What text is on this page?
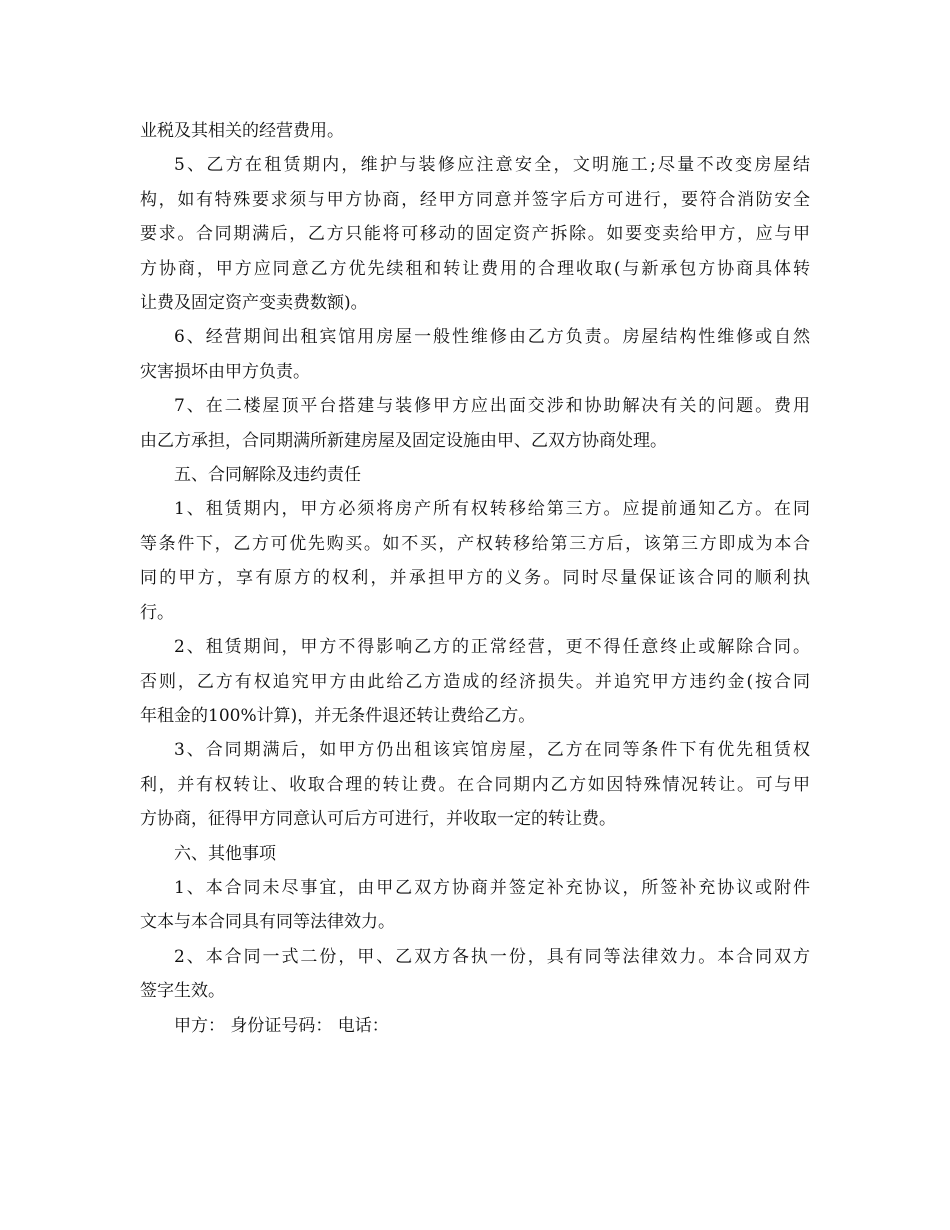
业税及其相关的经营费用。

5、乙方在租赁期内，维护与装修应注意安全，文明施工;尽量不改变房屋结

构，如有特殊要求须与甲方协商，经甲方同意并签字后方可进行，要符合消防安全

要求。合同期满后，乙方只能将可移动的固定资产拆除。如要变卖给甲方，应与甲

方协商，甲方应同意乙方优先续租和转让费用的合理收取(与新承包方协商具体转

让费及固定资产变卖费数额)。

6、经营期间出租宾馆用房屋一般性维修由乙方负责。房屋结构性维修或自然

灾害损坏由甲方负责。

7、在二楼屋顶平台搭建与装修甲方应出面交涉和协助解决有关的问题。费用

由乙方承担，合同期满所新建房屋及固定设施由甲、乙双方协商处理。

五、合同解除及违约责任

1、租赁期内，甲方必须将房产所有权转移给第三方。应提前通知乙方。在同

等条件下，乙方可优先购买。如不买，产权转移给第三方后，该第三方即成为本合

同的甲方，享有原方的权利，并承担甲方的义务。同时尽量保证该合同的顺利执

行。

2、租赁期间，甲方不得影响乙方的正常经营，更不得任意终止或解除合同。

否则，乙方有权追究甲方由此给乙方造成的经济损失。并追究甲方违约金(按合同

年租金的100%计算)，并无条件退还转让费给乙方。

3、合同期满后，如甲方仍出租该宾馆房屋，乙方在同等条件下有优先租赁权

利，并有权转让、收取合理的转让费。在合同期内乙方如因特殊情况转让。可与甲

方协商，征得甲方同意认可后方可进行，并收取一定的转让费。

六、其他事项

1、本合同未尽事宜，由甲乙双方协商并签定补充协议，所签补充协议或附件

文本与本合同具有同等法律效力。

2、本合同一式二份，甲、乙双方各执一份，具有同等法律效力。本合同双方

签字生效。

甲方： 身份证号码： 电话：
